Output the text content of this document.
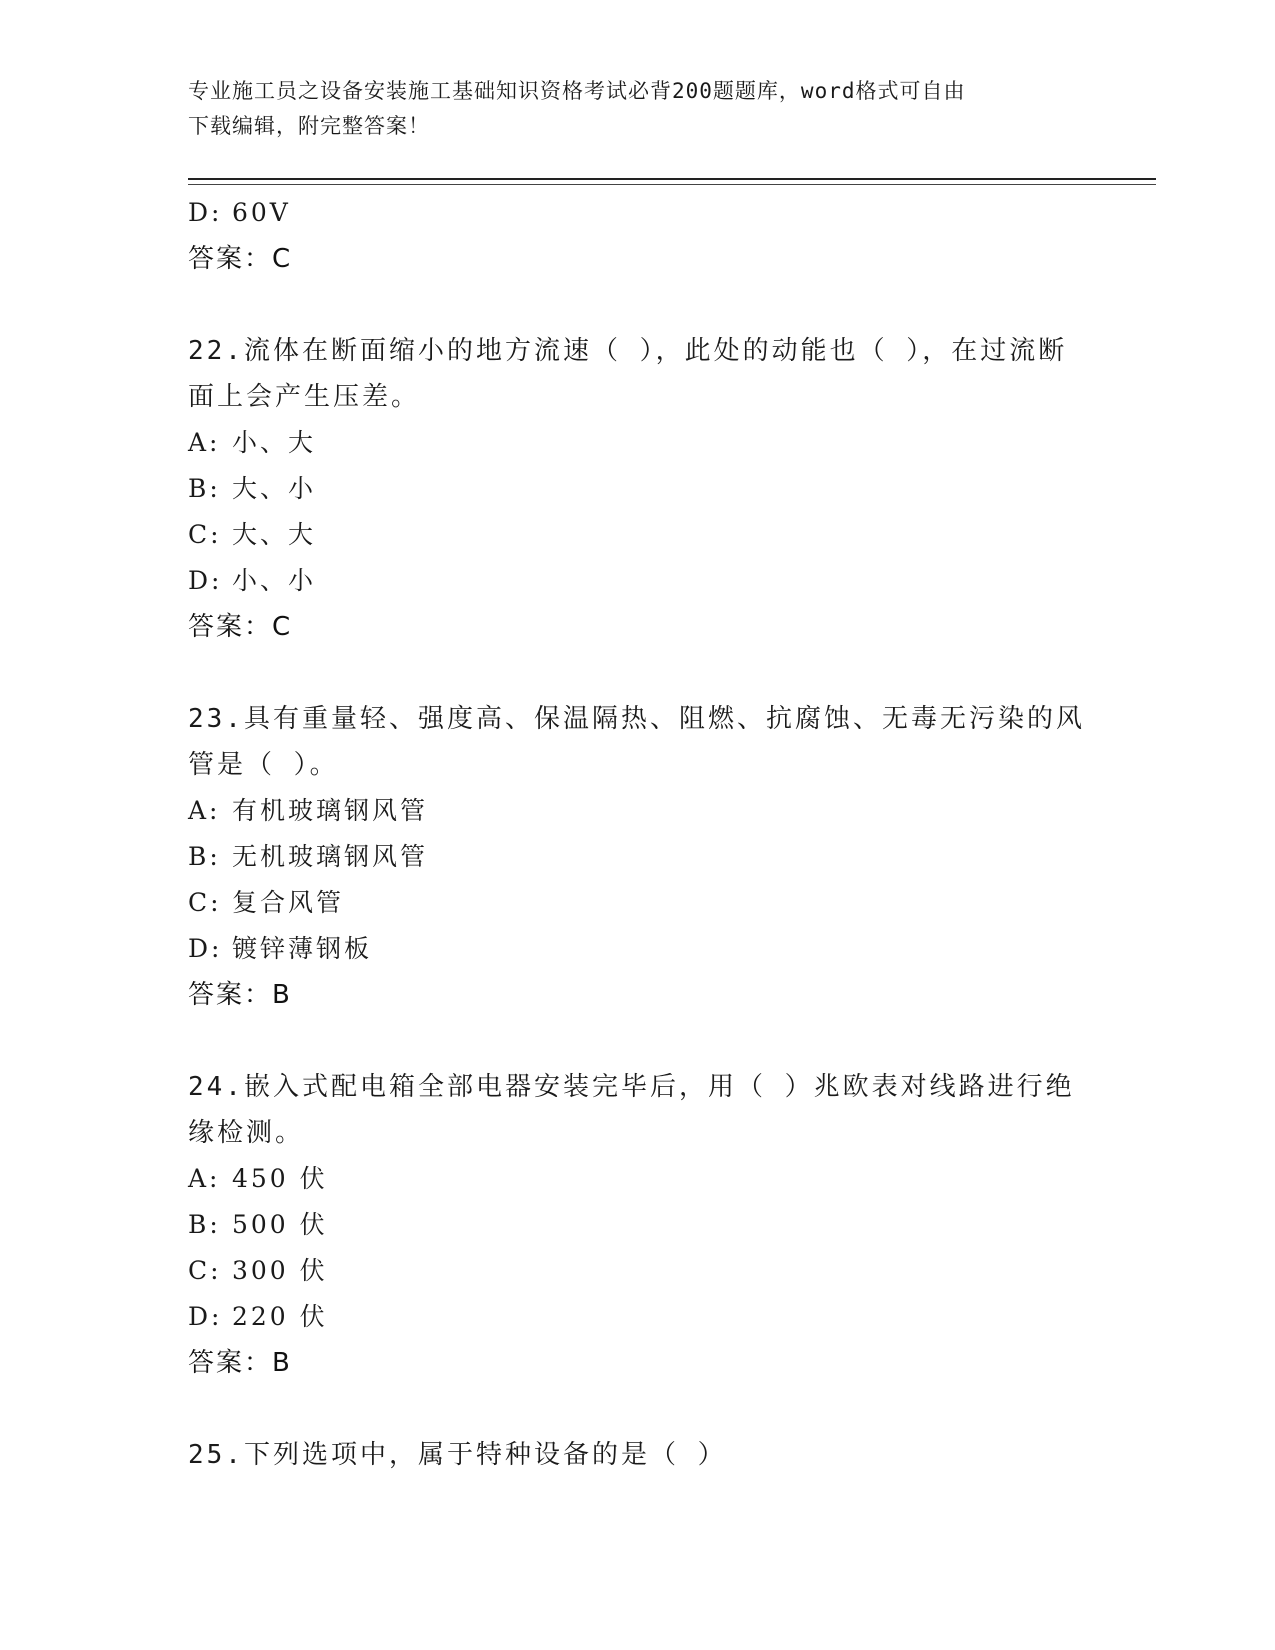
专业施工员之设备安装施工基础知识资格考试必背200题题库，word格式可自由
下载编辑，附完整答案！
D: 60V
答案：C
22.流体在断面缩小的地方流速（ ），此处的动能也（ ），在过流断
面上会产生压差。
A: 小、大
B: 大、小
C: 大、大
D: 小、小
答案：C
23.具有重量轻、强度高、保温隔热、阻燃、抗腐蚀、无毒无污染的风
管是（ ）。
A: 有机玻璃钢风管
B: 无机玻璃钢风管
C: 复合风管
D: 镀锌薄钢板
答案：B
24.嵌入式配电箱全部电器安装完毕后，用（ ）兆欧表对线路进行绝
缘检测。
A: 450 伏
B: 500 伏
C: 300 伏
D: 220 伏
答案：B
25.下列选项中，属于特种设备的是（ ）
